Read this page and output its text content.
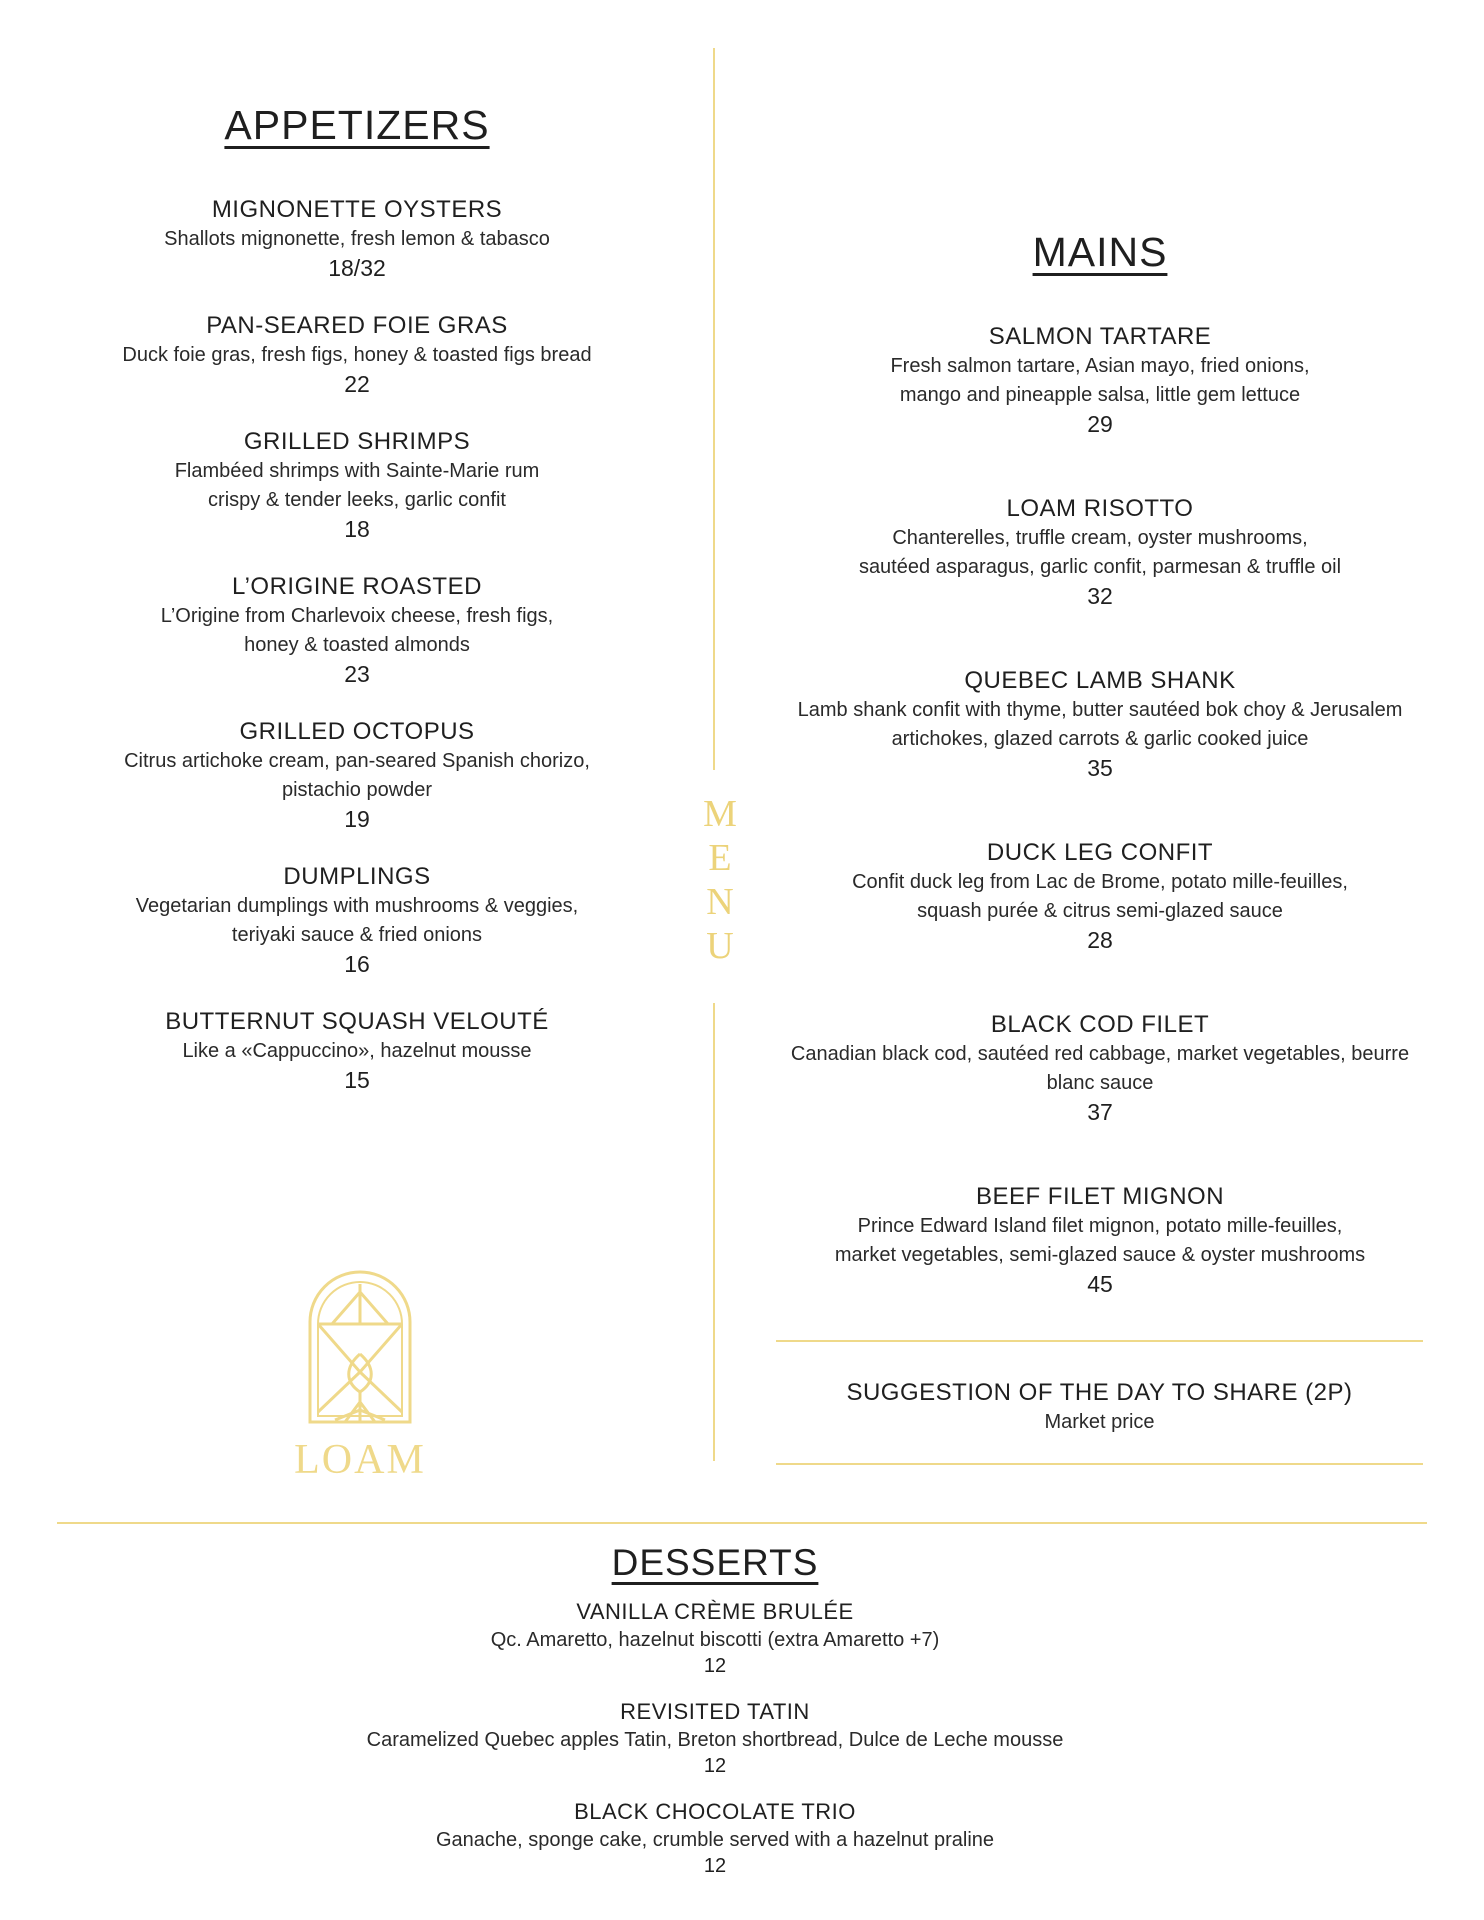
M
E
N
U
APPETIZERS
MIGNONETTE OYSTERS
Shallots mignonette, fresh lemon & tabasco
18/32
PAN-SEARED FOIE GRAS
Duck foie gras, fresh figs, honey & toasted figs bread
22
GRILLED SHRIMPS
Flambéed shrimps with Sainte-Marie rum
crispy & tender leeks, garlic confit
18
L’ORIGINE ROASTED
L’Origine from Charlevoix cheese, fresh figs,
honey & toasted almonds
23
GRILLED OCTOPUS
Citrus artichoke cream, pan-seared Spanish chorizo,
pistachio powder
19
DUMPLINGS
Vegetarian dumplings with mushrooms & veggies,
teriyaki sauce & fried onions
16
BUTTERNUT SQUASH VELOUTÉ
Like a «Cappuccino», hazelnut mousse
15
MAINS
SALMON TARTARE
Fresh salmon tartare, Asian mayo, fried onions,
mango and pineapple salsa, little gem lettuce
29
LOAM RISOTTO
Chanterelles, truffle cream, oyster mushrooms,
sautéed asparagus, garlic confit, parmesan & truffle oil
32
QUEBEC LAMB SHANK
Lamb shank confit with thyme, butter sautéed bok choy & Jerusalem
artichokes, glazed carrots & garlic cooked juice
35
DUCK LEG CONFIT
Confit duck leg from Lac de Brome, potato mille-feuilles,
squash purée & citrus semi-glazed sauce
28
BLACK COD FILET
Canadian black cod, sautéed red cabbage, market vegetables, beurre
blanc sauce
37
BEEF FILET MIGNON
Prince Edward Island filet mignon, potato mille-feuilles,
market vegetables, semi-glazed sauce & oyster mushrooms
45
SUGGESTION OF THE DAY TO SHARE (2P)
Market price
LOAM
DESSERTS
VANILLA CRÈME BRULÉE
Qc. Amaretto, hazelnut biscotti (extra Amaretto +7)
12
REVISITED TATIN
Caramelized Quebec apples Tatin, Breton shortbread, Dulce de Leche mousse
12
BLACK CHOCOLATE TRIO
Ganache, sponge cake, crumble served with a hazelnut praline
12
